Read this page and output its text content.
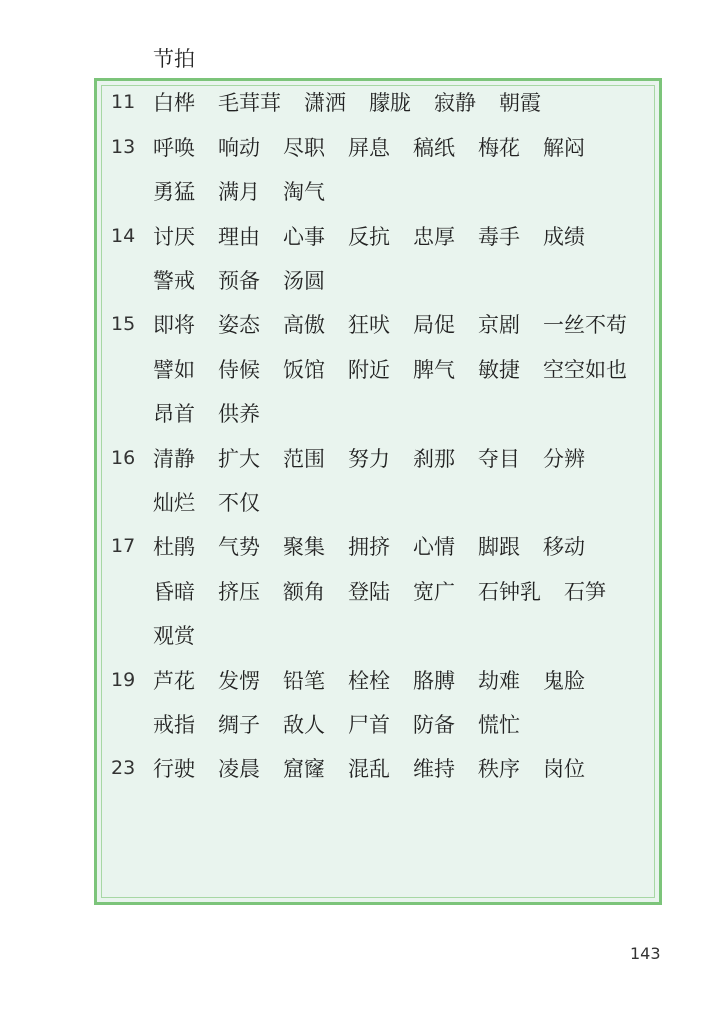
节拍
11 白桦 毛茸茸 潇洒 朦胧 寂静 朝霞
13 呼唤 响动 尽职 屏息 稿纸 梅花 解闷
勇猛 满月 淘气
14 讨厌 理由 心事 反抗 忠厚 毒手 成绩
警戒 预备 汤圆
15 即将 姿态 高傲 狂吠 局促 京剧 一丝不苟
譬如 侍候 饭馆 附近 脾气 敏捷 空空如也
昂首 供养
16 清静 扩大 范围 努力 刹那 夺目 分辨
灿烂 不仅
17 杜鹃 气势 聚集 拥挤 心情 脚跟 移动
昏暗 挤压 额角 登陆 宽广 石钟乳 石笋
观赏
19 芦花 发愣 铅笔 栓栓 胳膊 劫难 鬼脸
戒指 绸子 敌人 尸首 防备 慌忙
23 行驶 凌晨 窟窿 混乱 维持 秩序 岗位
143
